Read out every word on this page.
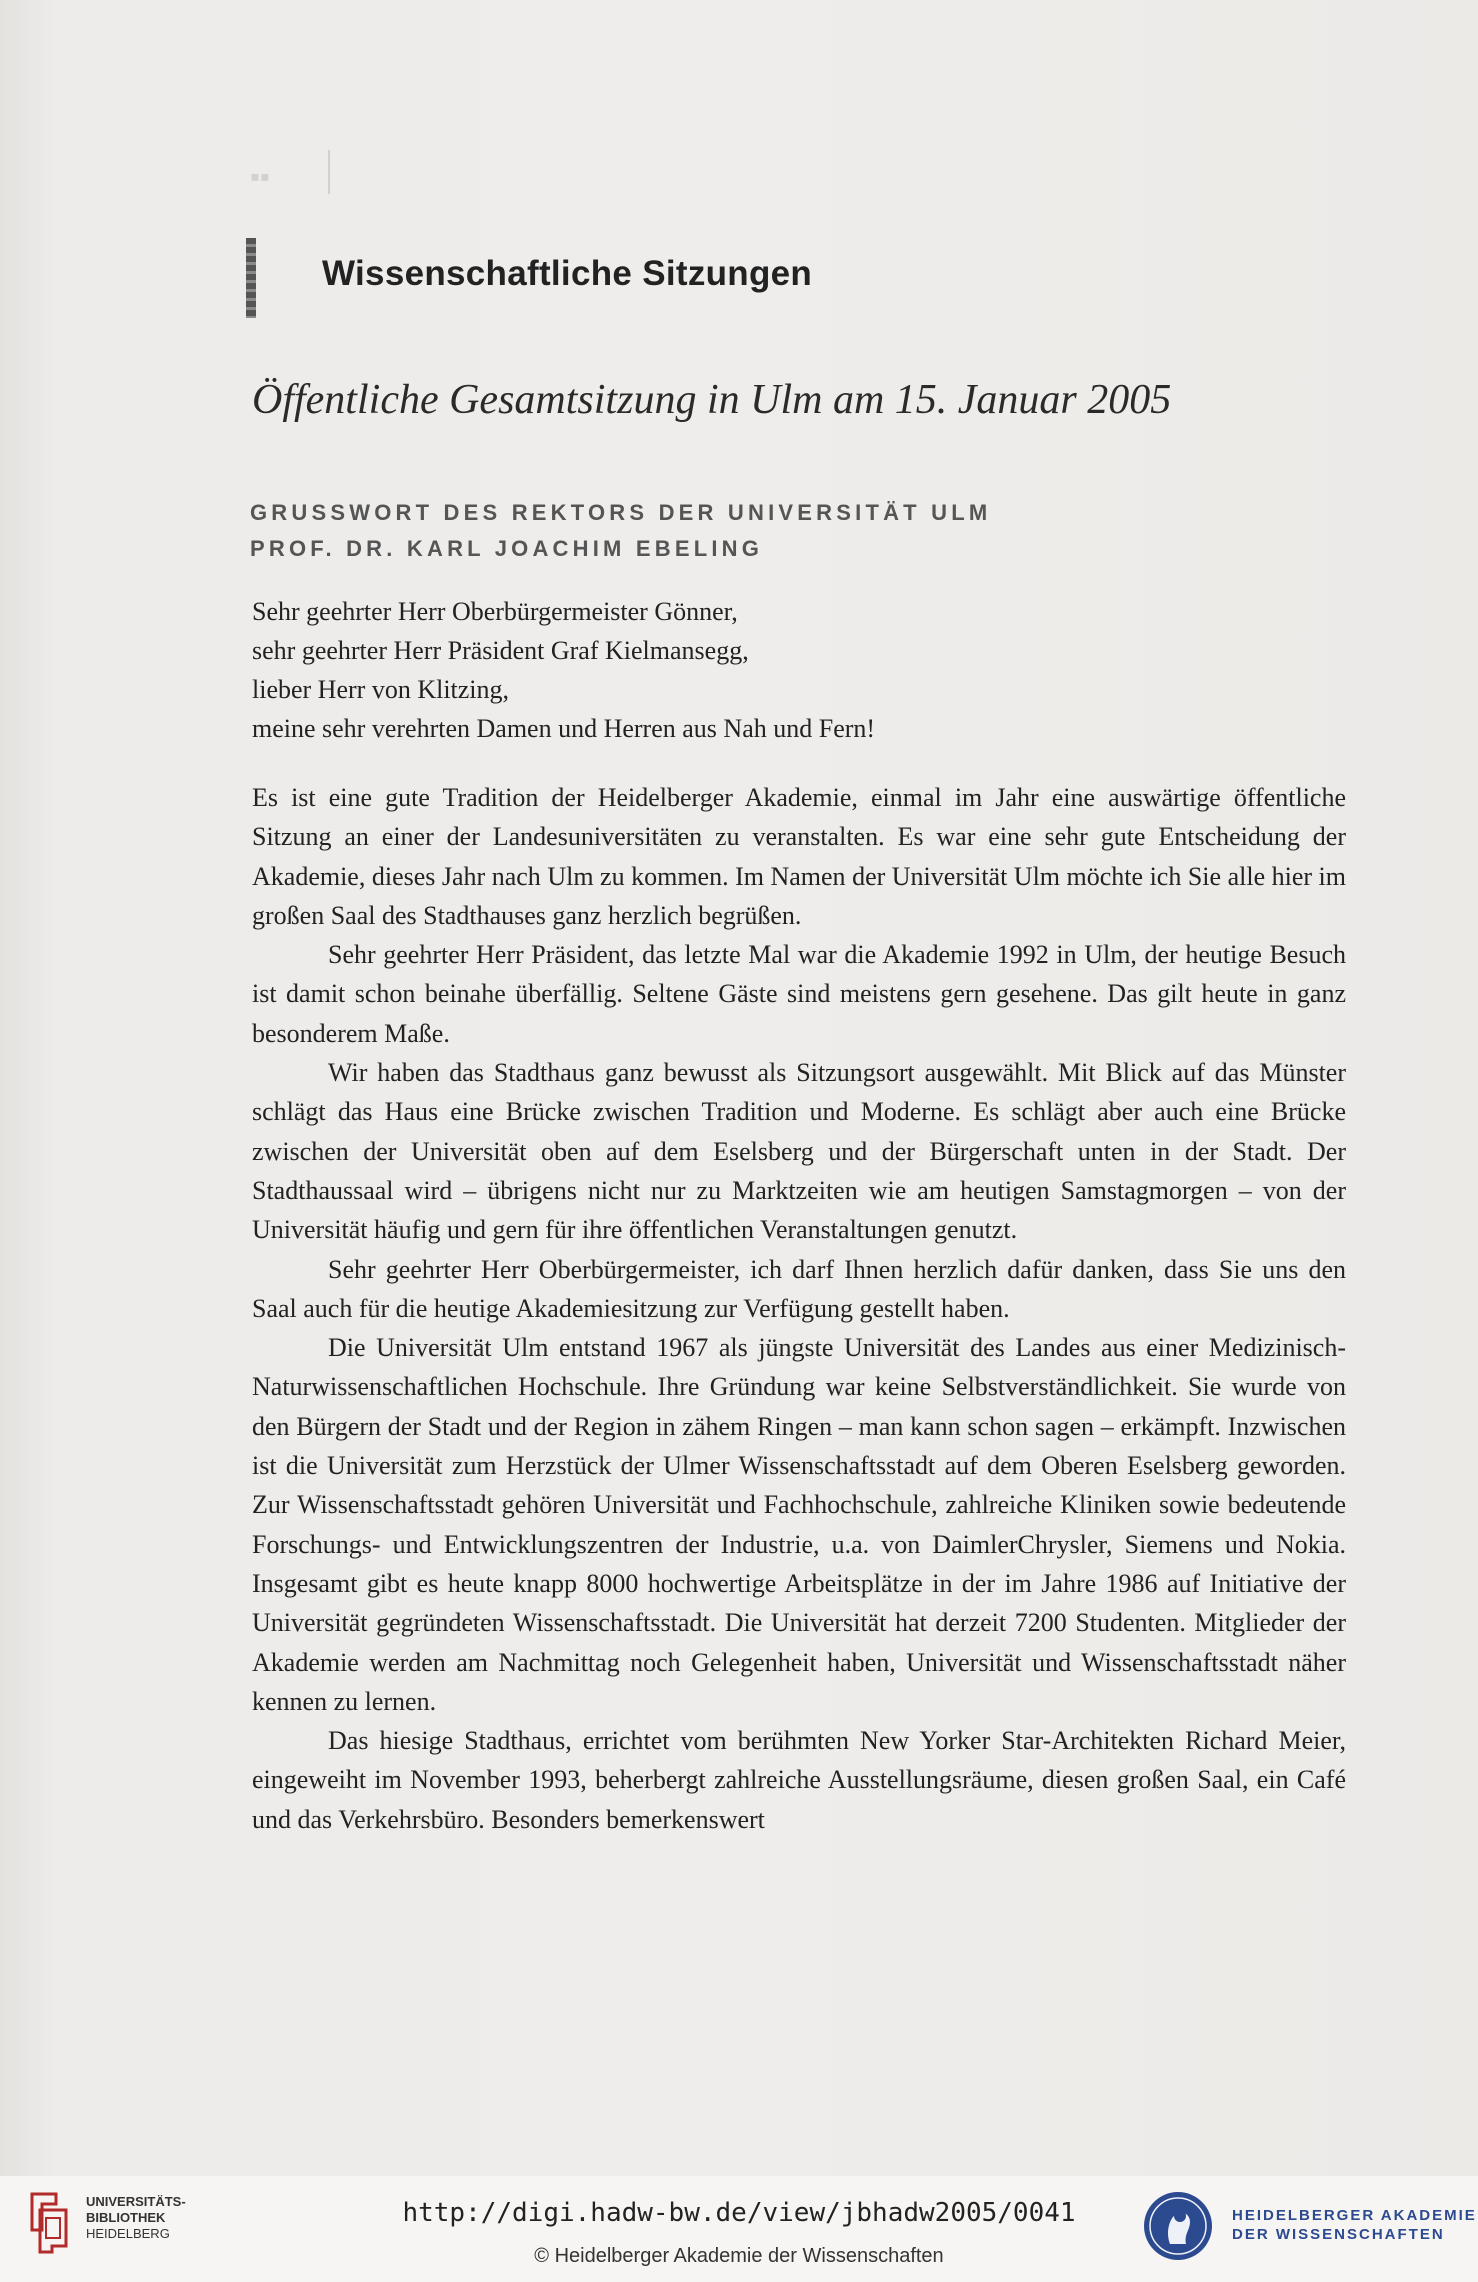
▪▪
Wissenschaftliche Sitzungen
Öffentliche Gesamtsitzung in Ulm am 15. Januar 2005
GRUSSWORT DES REKTORS DER UNIVERSITÄT ULM
PROF. DR. KARL JOACHIM EBELING
Sehr geehrter Herr Oberbürgermeister Gönner,
sehr geehrter Herr Präsident Graf Kielmansegg,
lieber Herr von Klitzing,
meine sehr verehrten Damen und Herren aus Nah und Fern!

Es ist eine gute Tradition der Heidelberger Akademie, einmal im Jahr eine auswärtige öffentliche Sitzung an einer der Landesuniversitäten zu veranstalten. Es war eine sehr gute Entscheidung der Akademie, dieses Jahr nach Ulm zu kommen. Im Namen der Universität Ulm möchte ich Sie alle hier im großen Saal des Stadthauses ganz herzlich begrüßen.

Sehr geehrter Herr Präsident, das letzte Mal war die Akademie 1992 in Ulm, der heutige Besuch ist damit schon beinahe überfällig. Seltene Gäste sind meistens gern gesehene. Das gilt heute in ganz besonderem Maße.

Wir haben das Stadthaus ganz bewusst als Sitzungsort ausgewählt. Mit Blick auf das Münster schlägt das Haus eine Brücke zwischen Tradition und Moderne. Es schlägt aber auch eine Brücke zwischen der Universität oben auf dem Eselsberg und der Bürgerschaft unten in der Stadt. Der Stadthaussaal wird – übrigens nicht nur zu Marktzeiten wie am heutigen Samstagmorgen – von der Universität häufig und gern für ihre öffentlichen Veranstaltungen genutzt.

Sehr geehrter Herr Oberbürgermeister, ich darf Ihnen herzlich dafür danken, dass Sie uns den Saal auch für die heutige Akademiesitzung zur Verfügung gestellt haben.

Die Universität Ulm entstand 1967 als jüngste Universität des Landes aus einer Medizinisch-Naturwissenschaftlichen Hochschule. Ihre Gründung war keine Selbstverständlichkeit. Sie wurde von den Bürgern der Stadt und der Region in zähem Ringen – man kann schon sagen – erkämpft. Inzwischen ist die Universität zum Herzstück der Ulmer Wissenschaftsstadt auf dem Oberen Eselsberg geworden. Zur Wissenschaftsstadt gehören Universität und Fachhochschule, zahlreiche Kliniken sowie bedeutende Forschungs- und Entwicklungszentren der Industrie, u.a. von DaimlerChrysler, Siemens und Nokia. Insgesamt gibt es heute knapp 8000 hochwertige Arbeitsplätze in der im Jahre 1986 auf Initiative der Universität gegründeten Wissenschaftsstadt. Die Universität hat derzeit 7200 Studenten. Mitglieder der Akademie werden am Nachmittag noch Gelegenheit haben, Universität und Wissenschaftsstadt näher kennen zu lernen.

Das hiesige Stadthaus, errichtet vom berühmten New Yorker Star-Architekten Richard Meier, eingeweiht im November 1993, beherbergt zahlreiche Ausstellungsräume, diesen großen Saal, ein Café und das Verkehrsbüro. Besonders bemerkenswert

UNIVERSITÄTS-
BIBLIOTHEK
HEIDELBERG
http://digi.hadw-bw.de/view/jbhadw2005/0041
© Heidelberger Akademie der Wissenschaften
HEIDELBERGER AKADEMIE
DER WISSENSCHAFTEN
